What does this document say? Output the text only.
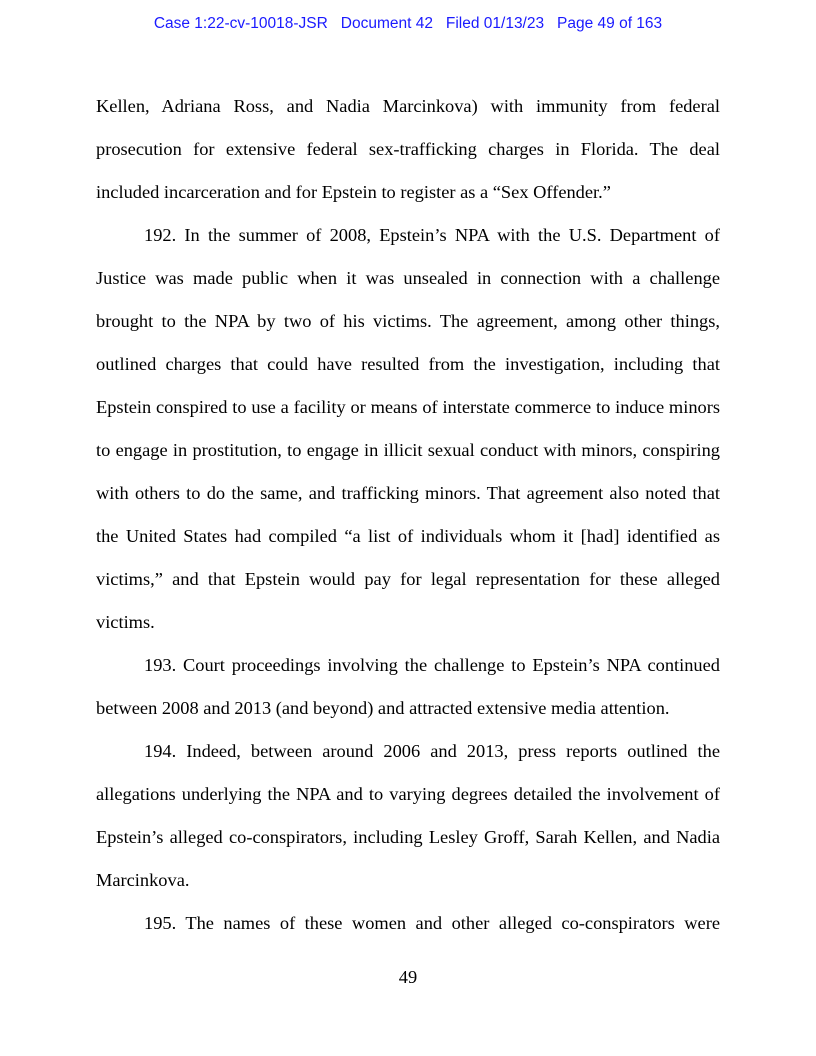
Case 1:22-cv-10018-JSR   Document 42   Filed 01/13/23   Page 49 of 163

Kellen, Adriana Ross, and Nadia Marcinkova) with immunity from federal prosecution for extensive federal sex-trafficking charges in Florida. The deal included incarceration and for Epstein to register as a “Sex Offender.”

192. In the summer of 2008, Epstein’s NPA with the U.S. Department of Justice was made public when it was unsealed in connection with a challenge brought to the NPA by two of his victims. The agreement, among other things, outlined charges that could have resulted from the investigation, including that Epstein conspired to use a facility or means of interstate commerce to induce minors to engage in prostitution, to engage in illicit sexual conduct with minors, conspiring with others to do the same, and trafficking minors. That agreement also noted that the United States had compiled “a list of individuals whom it [had] identified as victims,” and that Epstein would pay for legal representation for these alleged victims.

193. Court proceedings involving the challenge to Epstein’s NPA continued between 2008 and 2013 (and beyond) and attracted extensive media attention.

194. Indeed, between around 2006 and 2013, press reports outlined the allegations underlying the NPA and to varying degrees detailed the involvement of Epstein’s alleged co-conspirators, including Lesley Groff, Sarah Kellen, and Nadia Marcinkova.

195. The names of these women and other alleged co-conspirators were

49
